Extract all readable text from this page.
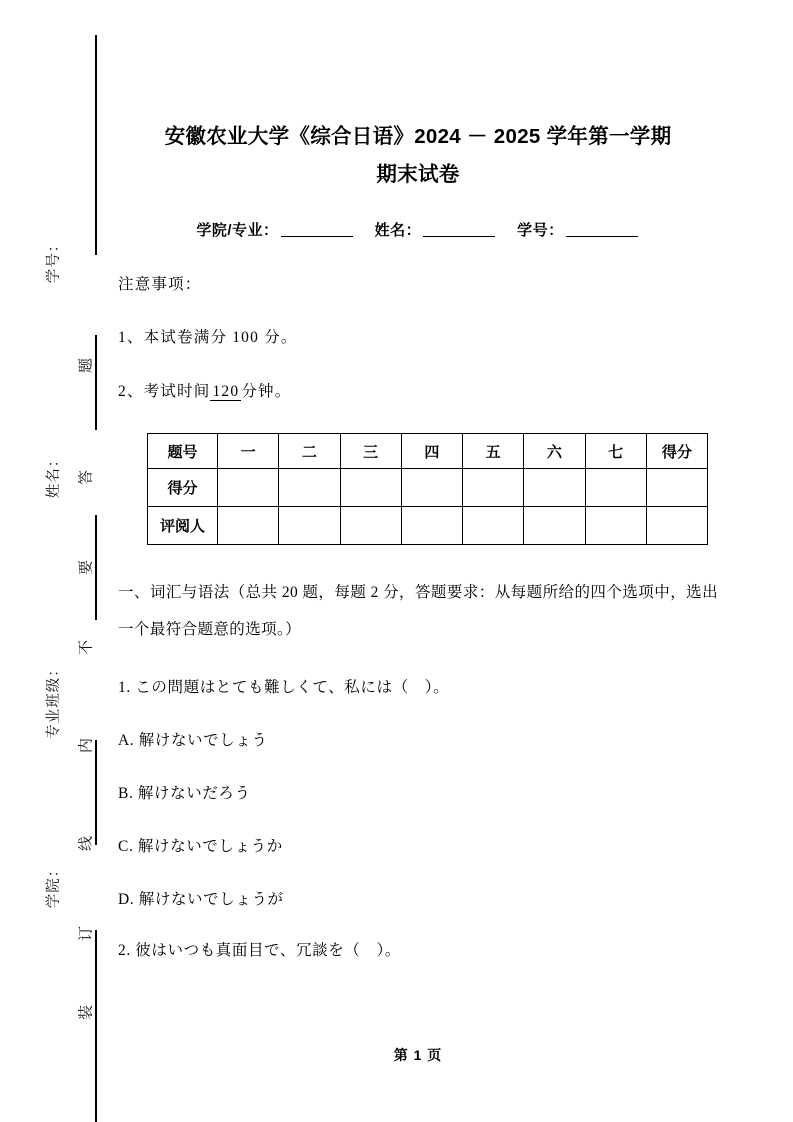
学号：
姓名：
专业班级：
学院：
题
答
要
不
内
线
订
装
安徽农业大学《综合日语》2024 － 2025 学年第一学期
期末试卷
学院/专业：	姓名：	学号：
注意事项：
1、本试卷满分 100 分。
2、考试时间 120 分钟。
题号	一	二	三	四	五	六	七	得分
得分								
评阅人								
一、词汇与语法（总共 20 题，每题 2 分，答题要求：从每题所给的四个选项中，选出一个最符合题意的选项。）
1. この問題はとても難しくて、私には（　）。
A. 解けないでしょう
B. 解けないだろう
C. 解けないでしょうか
D. 解けないでしょうが
2. 彼はいつも真面目で、冗談を（　）。
第 1 页
